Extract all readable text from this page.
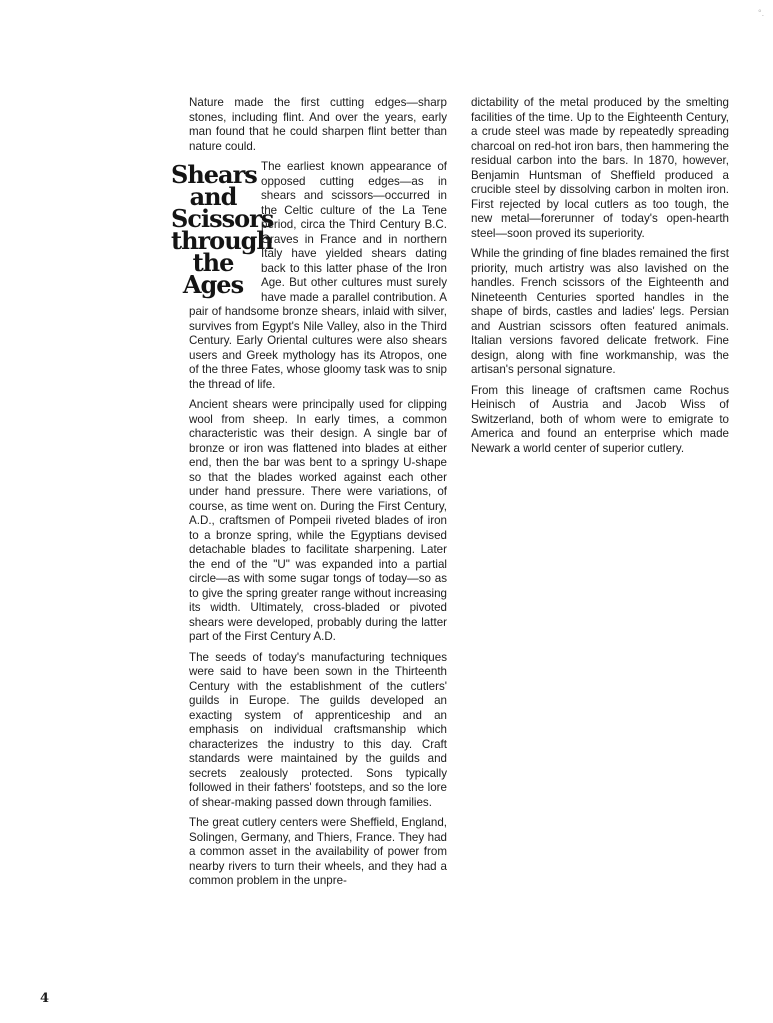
°.

Nature made the first cutting edges—sharp stones, including flint. And over the years, early man found that he could sharpen flint better than nature could.

Shears
and
Scissors
through
the Ages

The earliest known appearance of opposed cutting edges—as in shears and scissors—occurred in the Celtic culture of the La Tene period, circa the Third Century B.C. Graves in France and in northern Italy have yielded shears dating back to this latter phase of the Iron Age. But other cultures must surely have made a parallel contribution. A pair of handsome bronze shears, inlaid with silver, survives from Egypt's Nile Valley, also in the Third Century. Early Oriental cultures were also shears users and Greek mythology has its Atropos, one of the three Fates, whose gloomy task was to snip the thread of life.

Ancient shears were principally used for clipping wool from sheep. In early times, a common characteristic was their design. A single bar of bronze or iron was flattened into blades at either end, then the bar was bent to a springy U-shape so that the blades worked against each other under hand pressure. There were variations, of course, as time went on. During the First Century, A.D., craftsmen of Pompeii riveted blades of iron to a bronze spring, while the Egyptians devised detachable blades to facilitate sharpening. Later the end of the "U" was expanded into a partial circle—as with some sugar tongs of today—so as to give the spring greater range without increasing its width. Ultimately, cross-bladed or pivoted shears were developed, probably during the latter part of the First Century A.D.

The seeds of today's manufacturing techniques were said to have been sown in the Thirteenth Century with the establishment of the cutlers' guilds in Europe. The guilds developed an exacting system of apprenticeship and an emphasis on individual craftsmanship which characterizes the industry to this day. Craft standards were maintained by the guilds and secrets zealously protected. Sons typically followed in their fathers' footsteps, and so the lore of shear-making passed down through families.

The great cutlery centers were Sheffield, England, Solingen, Germany, and Thiers, France. They had a common asset in the availability of power from nearby rivers to turn their wheels, and they had a common problem in the unpre-

dictability of the metal produced by the smelting facilities of the time. Up to the Eighteenth Century, a crude steel was made by repeatedly spreading charcoal on red-hot iron bars, then hammering the residual carbon into the bars. In 1870, however, Benjamin Huntsman of Sheffield produced a crucible steel by dissolving carbon in molten iron. First rejected by local cutlers as too tough, the new metal—forerunner of today's open-hearth steel—soon proved its superiority.

While the grinding of fine blades remained the first priority, much artistry was also lavished on the handles. French scissors of the Eighteenth and Nineteenth Centuries sported handles in the shape of birds, castles and ladies' legs. Persian and Austrian scissors often featured animals. Italian versions favored delicate fretwork. Fine design, along with fine workmanship, was the artisan's personal signature.

From this lineage of craftsmen came Rochus Heinisch of Austria and Jacob Wiss of Switzerland, both of whom were to emigrate to America and found an enterprise which made Newark a world center of superior cutlery.

4
